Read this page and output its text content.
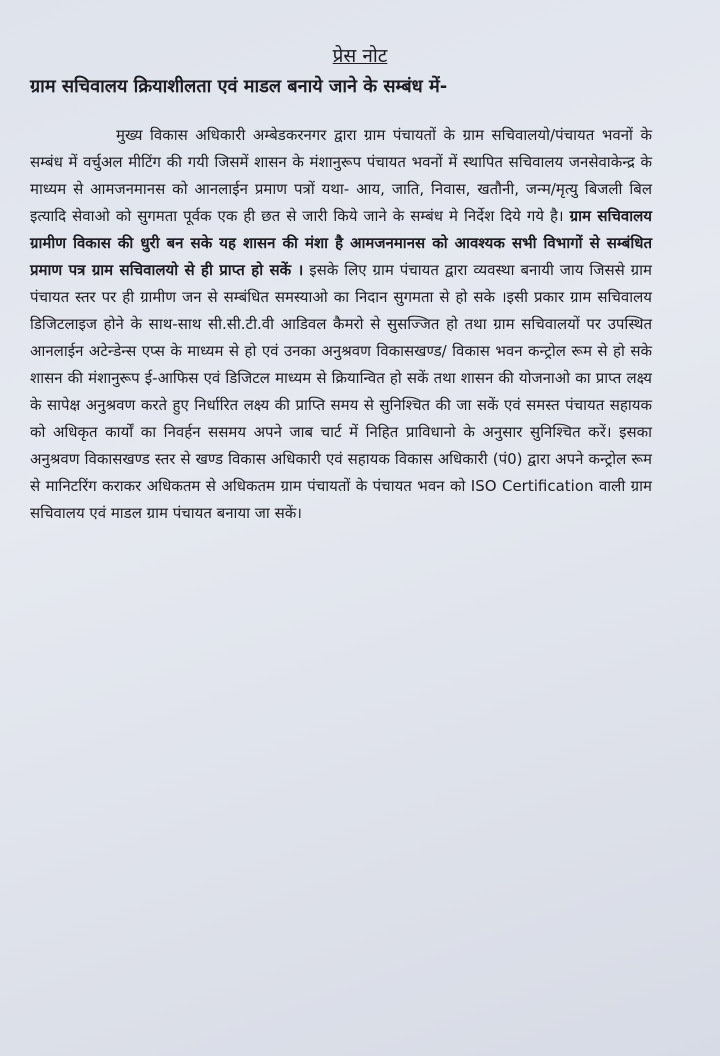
प्रेस नोट
ग्राम सचिवालय क्रियाशीलता एवं माडल बनाये जाने के सम्बंध में-
मुख्य विकास अधिकारी अम्बेडकरनगर द्वारा ग्राम पंचायतों के ग्राम सचिवालयो/पंचायत भवनों के सम्बंध में वर्चुअल मीटिंग की गयी जिसमें शासन के मंशानुरूप पंचायत भवनों में स्थापित सचिवालय जनसेवाकेन्द्र के माध्यम से आमजनमानस को आनलाईन प्रमाण पत्रों यथा- आय, जाति, निवास, खतौनी, जन्म/मृत्यु बिजली बिल इत्यादि सेवाओ को सुगमता पूर्वक एक ही छत से जारी किये जाने के सम्बंध मे निर्देश दिये गये है। ग्राम सचिवालय ग्रामीण विकास की धुरी बन सके यह शासन की मंशा है आमजनमानस को आवश्यक सभी विभागों से सम्बंधित प्रमाण पत्र ग्राम सचिवालयो से ही प्राप्त हो सकें । इसके लिए ग्राम पंचायत द्वारा व्यवस्था बनायी जाय जिससे ग्राम पंचायत स्तर पर ही ग्रामीण जन से सम्बंधित समस्याओ का निदान सुगमता से हो सके ।इसी प्रकार ग्राम सचिवालय डिजिटलाइज होने के साथ-साथ सी.सी.टी.वी आडिवल कैमरो से सुसज्जित हो तथा ग्राम सचिवालयों पर उपस्थित आनलाईन अटेन्डेन्स एप्स के माध्यम से हो एवं उनका अनुश्रवण विकासखण्ड/ विकास भवन कन्ट्रोल रूम से हो सके शासन की मंशानुरूप ई-आफिस एवं डिजिटल माध्यम से क्रियान्वित हो सकें तथा शासन की योजनाओ का प्राप्त लक्ष्य के सापेक्ष अनुश्रवण करते हुए निर्धारित लक्ष्य की प्राप्ति समय से सुनिश्चित की जा सकें एवं समस्त पंचायत सहायक को अधिकृत कार्यों का निवर्हन ससमय अपने जाब चार्ट में निहित प्राविधानो के अनुसार सुनिश्चित करें। इसका अनुश्रवण विकासखण्ड स्तर से खण्ड विकास अधिकारी एवं सहायक विकास अधिकारी (पं0) द्वारा अपने कन्ट्रोल रूम से मानिटरिंग कराकर अधिकतम से अधिकतम ग्राम पंचायतों के पंचायत भवन को ISO Certification वाली ग्राम सचिवालय एवं माडल ग्राम पंचायत बनाया जा सकें।
